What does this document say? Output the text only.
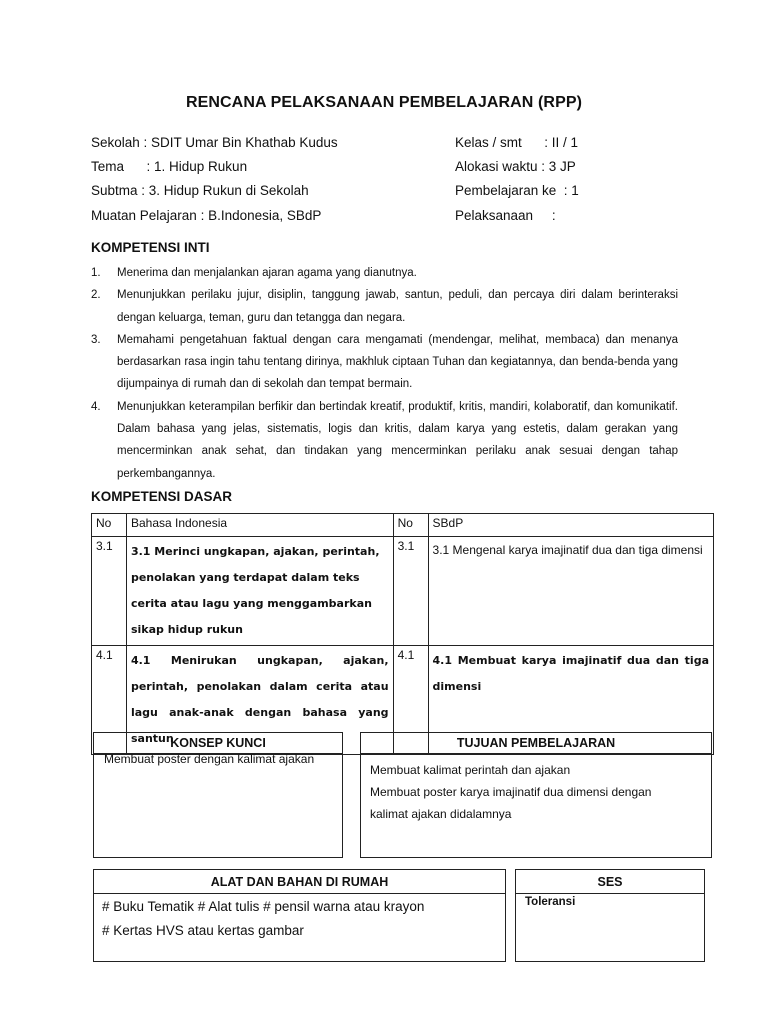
RENCANA PELAKSANAAN PEMBELAJARAN (RPP)
Sekolah : SDIT Umar Bin Khathab Kudus
Tema      : 1. Hidup Rukun
Subtma : 3. Hidup Rukun di Sekolah
Muatan Pelajaran : B.Indonesia, SBdP
Kelas / smt      : II / 1
Alokasi waktu : 3 JP
Pembelajaran ke  : 1
Pelaksanaan     :
KOMPETENSI INTI
1. Menerima dan menjalankan ajaran agama yang dianutnya.
2. Menunjukkan perilaku jujur, disiplin, tanggung jawab, santun, peduli, dan percaya diri dalam berinteraksi dengan keluarga, teman, guru dan tetangga dan negara.
3. Memahami pengetahuan faktual dengan cara mengamati (mendengar, melihat, membaca) dan menanya berdasarkan rasa ingin tahu tentang dirinya, makhluk ciptaan Tuhan dan kegiatannya, dan benda-benda yang dijumpainya di rumah dan di sekolah dan tempat bermain.
4. Menunjukkan keterampilan berfikir dan bertindak kreatif, produktif, kritis, mandiri, kolaboratif, dan komunikatif. Dalam bahasa yang jelas, sistematis, logis dan kritis, dalam karya yang estetis, dalam gerakan yang mencerminkan anak sehat, dan tindakan yang mencerminkan perilaku anak sesuai dengan tahap perkembangannya.
KOMPETENSI DASAR
No	Bahasa Indonesia	No	SBdP
3.1	3.1 Merinci ungkapan, ajakan, perintah, penolakan yang terdapat dalam teks cerita atau lagu yang menggambarkan sikap hidup rukun	3.1	3.1 Mengenal karya imajinatif dua dan tiga dimensi
4.1	4.1 Menirukan ungkapan, ajakan, perintah, penolakan dalam cerita atau lagu anak-anak dengan bahasa yang santun	4.1	4.1 Membuat karya imajinatif dua dan tiga dimensi
KONSEP KUNCI
Membuat poster dengan kalimat ajakan
TUJUAN PEMBELAJARAN
Membuat kalimat perintah dan ajakan
Membuat poster karya imajinatif dua dimensi dengan kalimat ajakan didalamnya
ALAT DAN BAHAN DI RUMAH
# Buku Tematik # Alat tulis # pensil warna atau krayon
# Kertas HVS atau kertas gambar
SES
Toleransi
